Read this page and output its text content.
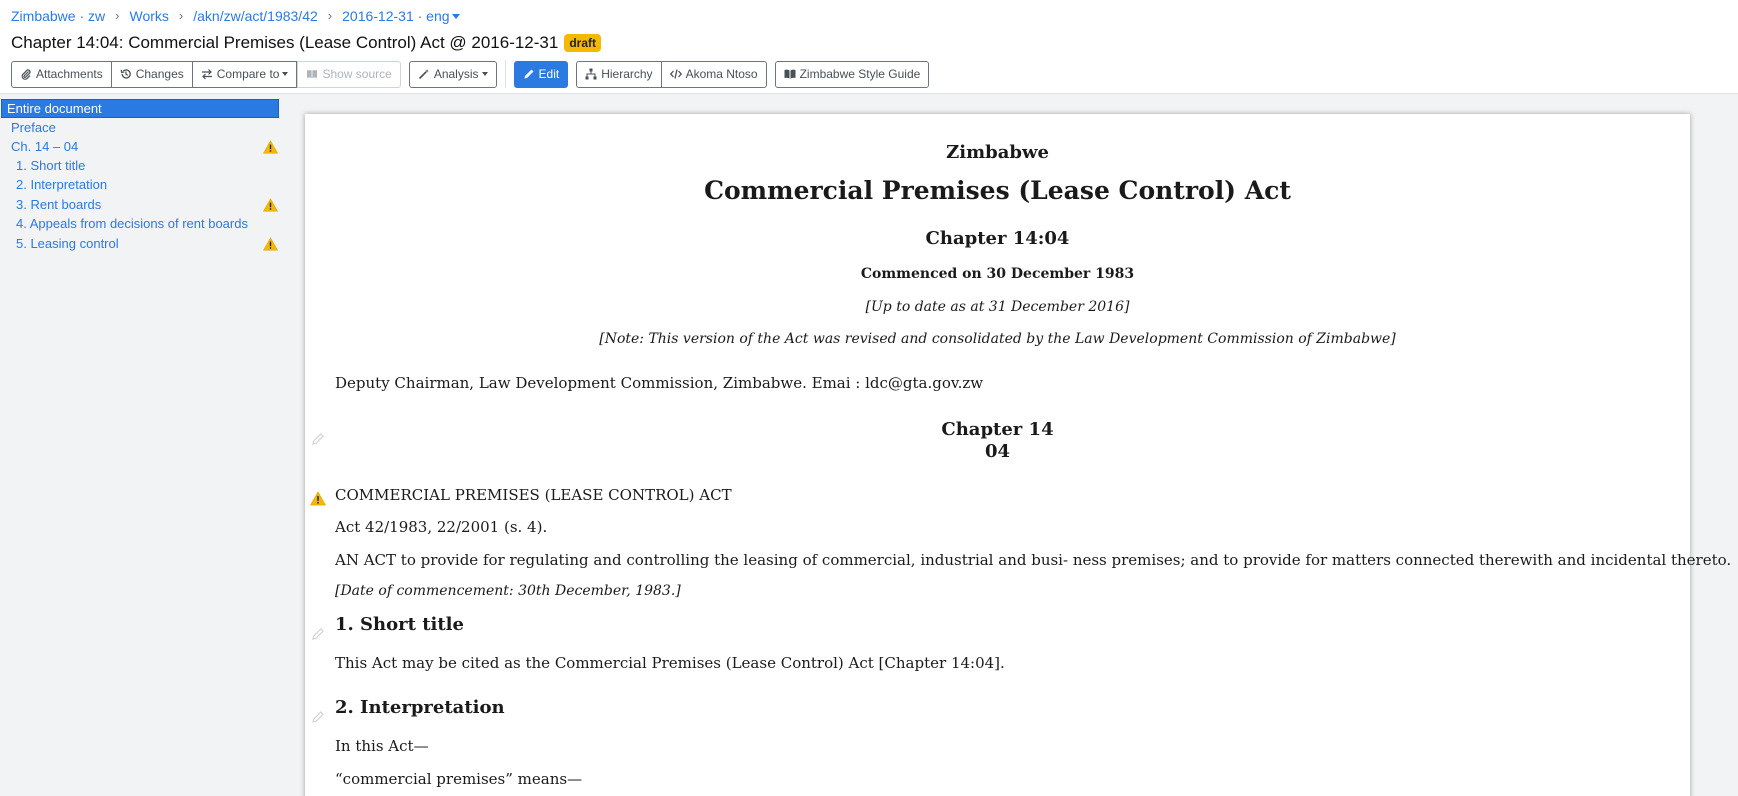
Zimbabwe · zw › Works › /akn/zw/act/1983/42 › 2016-12-31 · eng
Chapter 14:04: Commercial Premises (Lease Control) Act @ 2016-12-31 draft
Attachments	Changes	Compare to	Show source	Analysis	Edit	Hierarchy	Akoma Ntoso	Zimbabwe Style Guide
Entire document
Preface
Ch. 14 – 04
1. Short title
2. Interpretation
3. Rent boards
4. Appeals from decisions of rent boards
5. Leasing control
Zimbabwe
Commercial Premises (Lease Control) Act
Chapter 14:04
Commenced on 30 December 1983
[Up to date as at 31 December 2016]
[Note: This version of the Act was revised and consolidated by the Law Development Commission of Zimbabwe]
Deputy Chairman, Law Development Commission, Zimbabwe. Emai : ldc@gta.gov.zw
Chapter 14
04
COMMERCIAL PREMISES (LEASE CONTROL) ACT
Act 42/1983, 22/2001 (s. 4).
AN ACT to provide for regulating and controlling the leasing of commercial, industrial and busi- ness premises; and to provide for matters connected therewith and incidental thereto.
[Date of commencement: 30th December, 1983.]
1. Short title
This Act may be cited as the Commercial Premises (Lease Control) Act [Chapter 14:04].
2. Interpretation
In this Act—
“commercial premises” means—
